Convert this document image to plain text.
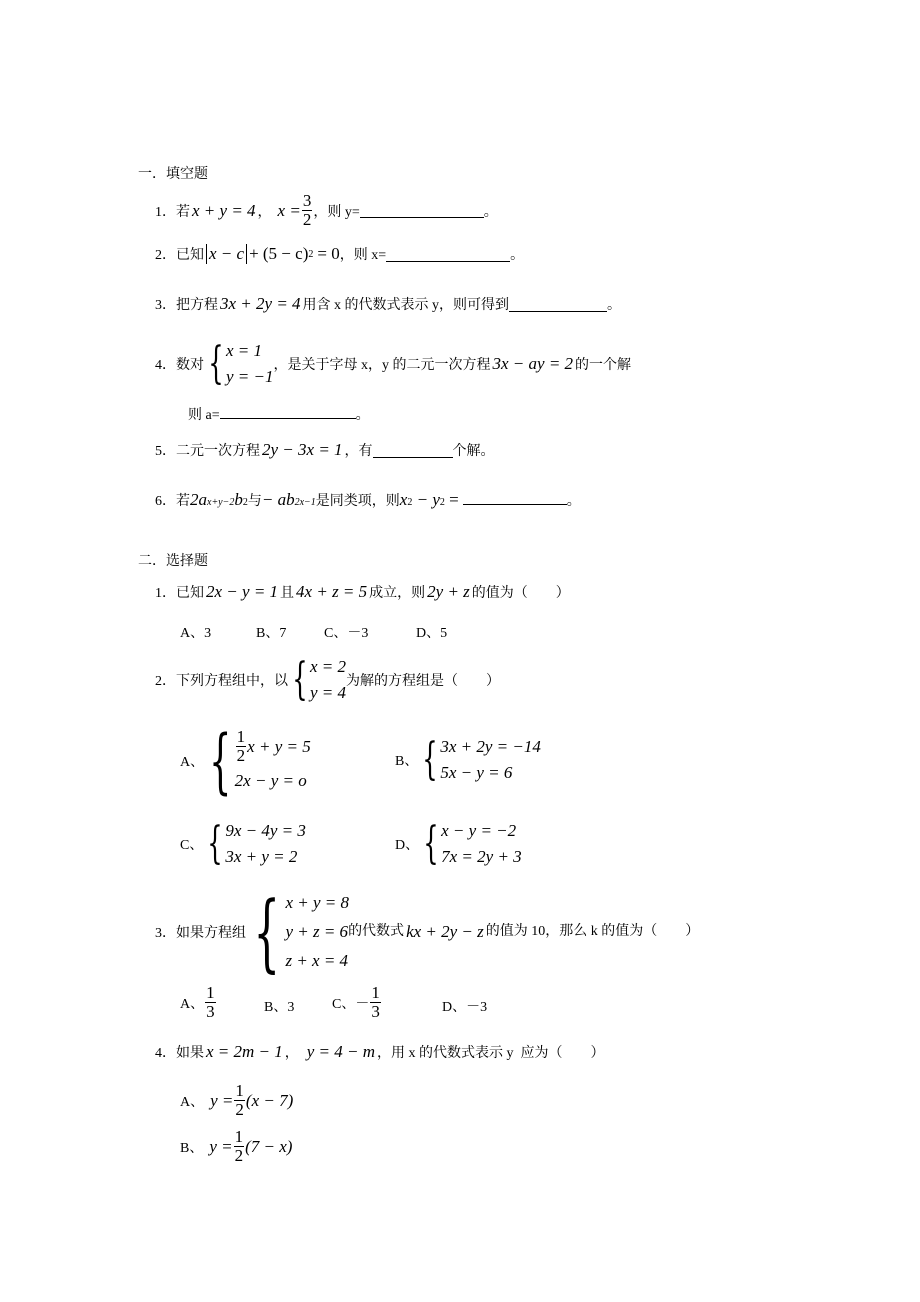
一．填空题
1． 若 x + y = 4 ， $x = \frac{3}{2}$ ，则 y=	。
2． 已知 x − c + (5 − c) 2 = 0 ，则 x=	。
3． 把方程 3x + 2y = 4 用含 x 的代数式表示 y，则可得到	。
4． 数对 { x = 1
y = −1
，是关于字母 x，y 的二元一次方程 3x − ay = 2 的一个解
则 a=	。
5． 二元一次方程 2y − 3x = 1 ，有	个解。
6． 若 2a x+y−2 b 2 与 − ab 2x−1 是同类项，则 x 2 − y 2 =	。
二．选择题
1． 已知 2x − y = 1 且 4x + z = 5 成立，则 2y + z 的值为（　　）
A、3	B、7	C、－3	D、5
2． 下列方程组中，以 { x = 2
y = 4
为解的方程组是（　　）
A、 { $\frac{1}{2}$ x + y = 5
2x − y = o
B、 { 3x + 2y = −14
5x − y = 6
C、 { 9x − 4y = 3
3x + y = 2
D、 { x − y = −2
7x = 2y + 3
3． 如果方程组 { x + y = 8
y + z = 6 的代数式 kx + 2y − z 的值为 10，那么 k 的值为（　　）
z + x = 4
A、 $\frac{1}{3}$	B、3	C、－ $\frac{1}{3}$	D、－3
4． 如果 x = 2m − 1 ， y = 4 − m ，用 x 的代数式表示 y  应为（　　）
A、 $y = \frac{1}{2} (x - 7)$
B、 $y = \frac{1}{2} (7 - x)$
